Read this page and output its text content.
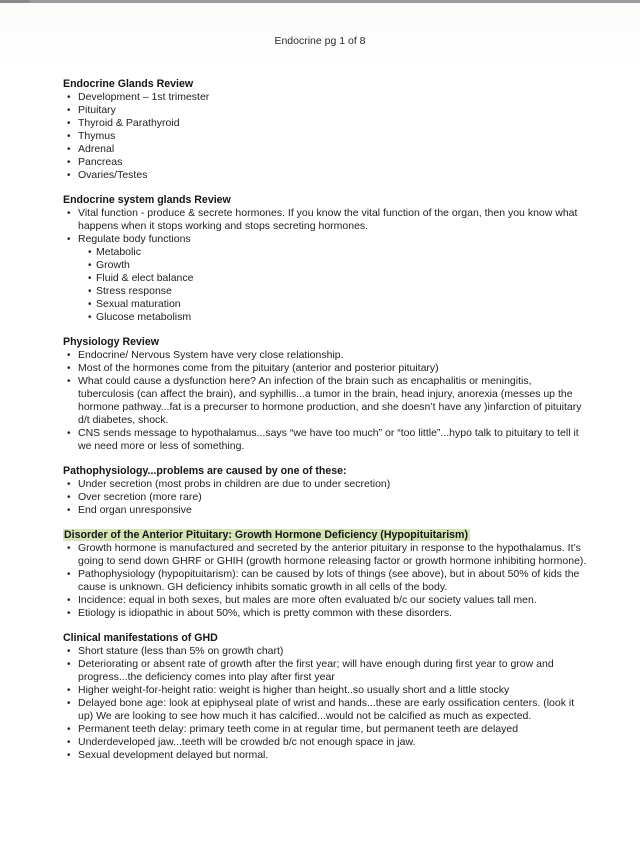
Endocrine pg 1 of 8
Endocrine Glands Review
• Development – 1st trimester
• Pituitary
• Thyroid & Parathyroid
• Thymus
• Adrenal
• Pancreas
• Ovaries/Testes
Endocrine system glands Review
• Vital function - produce & secrete hormones. If you know the vital function of the organ, then you know what happens when it stops working and stops secreting hormones.
• Regulate body functions
• Metabolic
• Growth
• Fluid & elect balance
• Stress response
• Sexual maturation
• Glucose metabolism
Physiology Review
• Endocrine/ Nervous System have very close relationship.
• Most of the hormones come from the pituitary (anterior and posterior pituitary)
• What could cause a dysfunction here? An infection of the brain such as encaphalitis or meningitis, tuberculosis (can affect the brain), and syphillis...a tumor in the brain, head injury, anorexia (messes up the hormone pathway...fat is a precurser to hormone production, and she doesn’t have any )infarction of pituitary d/t diabetes, shock.
• CNS sends message to hypothalamus...says “we have too much” or “too little”...hypo talk to pituitary to tell it we need more or less of something.
Pathophysiology...problems are caused by one of these:
• Under secretion (most probs in children are due to under secretion)
• Over secretion (more rare)
• End organ unresponsive
Disorder of the Anterior Pituitary: Growth Hormone Deficiency (Hypopituitarism)
• Growth hormone is manufactured and secreted by the anterior pituitary in response to the hypothalamus. It’s going to send down GHRF or GHIH (growth hormone releasing factor or growth hormone inhibiting hormone).
• Pathophysiology (hypopituitarism): can be caused by lots of things (see above), but in about 50% of kids the cause is unknown. GH deficiency inhibits somatic growth in all cells of the body.
• Incidence: equal in both sexes, but males are more often evaluated b/c our society values tall men.
• Etiology is idiopathic in about 50%, which is pretty common with these disorders.
Clinical manifestations of GHD
• Short stature (less than 5% on growth chart)
• Deteriorating or absent rate of growth after the first year; will have enough during first year to grow and progress...the deficiency comes into play after first year
• Higher weight-for-height ratio: weight is higher than height..so usually short and a little stocky
• Delayed bone age: look at epiphyseal plate of wrist and hands...these are early ossification centers. (look it up) We are looking to see how much it has calcified...would not be calcified as much as expected.
• Permanent teeth delay: primary teeth come in at regular time, but permanent teeth are delayed
• Underdeveloped jaw...teeth will be crowded b/c not enough space in jaw.
• Sexual development delayed but normal.
